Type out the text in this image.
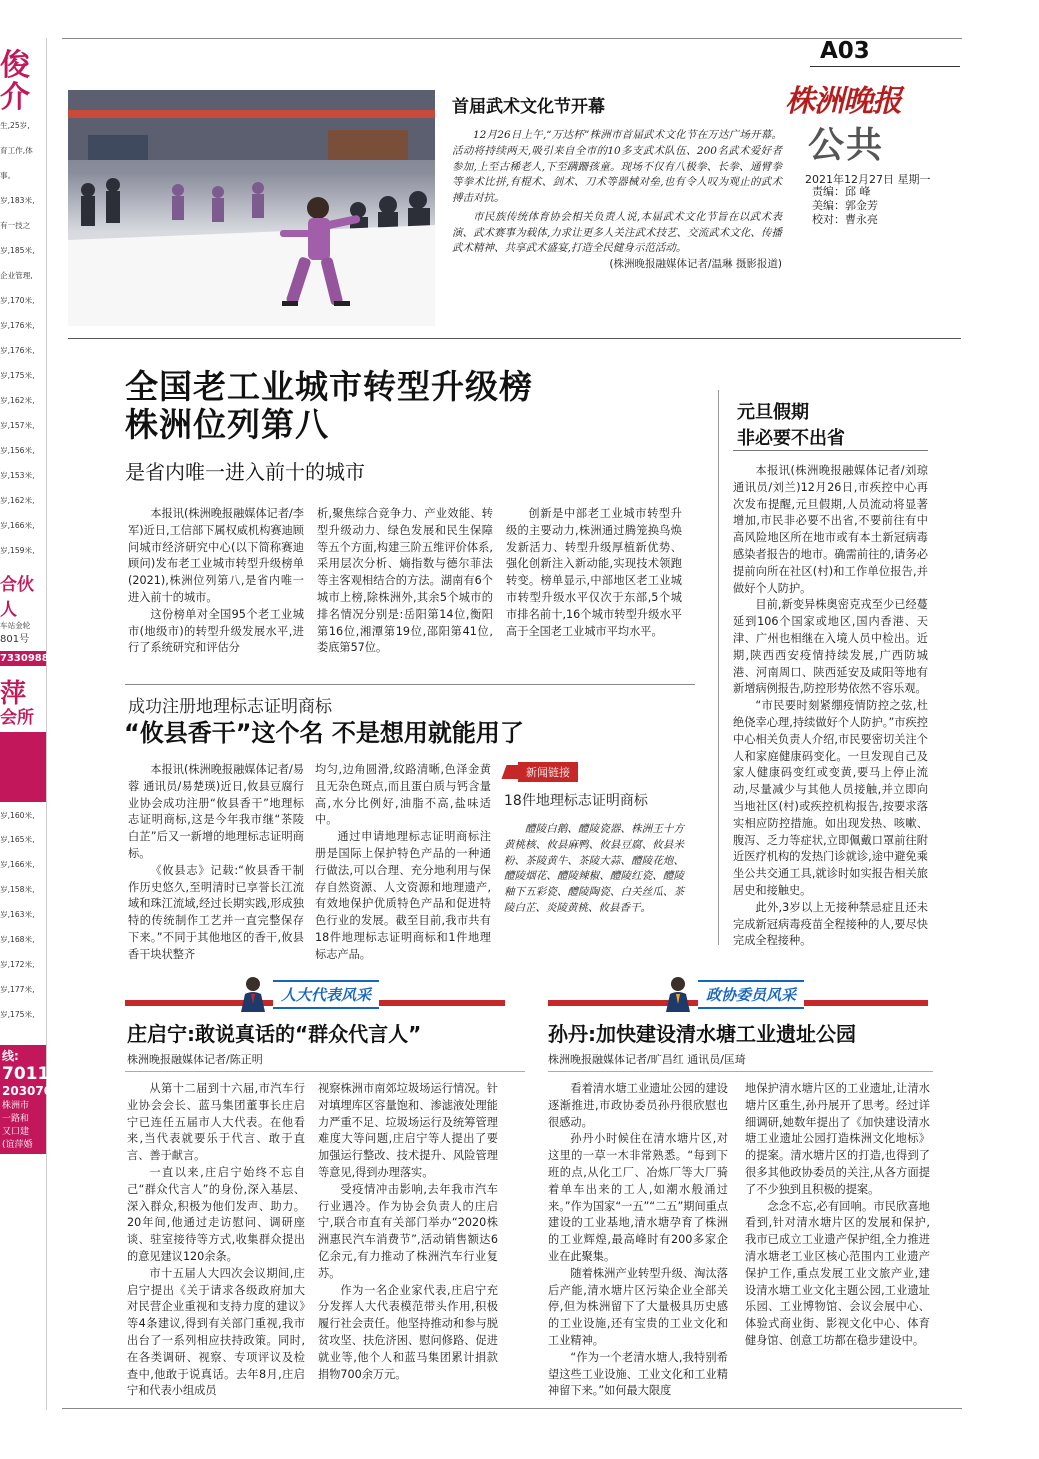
俊
介
生,25岁,
育工作,体
事。
岁,183米,
有一技之
岁,185米,
企业管理,
岁,170米,
岁,176米,
岁,176米,
岁,175米,
岁,162米,
岁,157米,
岁,156米,
岁,153米,
岁,162米,
岁,166米,
岁,159米,
合伙人
车站金轮
801号
73309882
萍
会所
岁,160米,
岁,165米,
岁,166米,
岁,158米,
岁,163米,
岁,168米,
岁,172米,
岁,177米,
岁,175米,
线:
7011
203070
株洲市
一路和
又口建
(谊萍婚
A03
株洲晚报
公共
2021年12月27日 星期一
责编：邱 峰
美编：郭金芳
校对：曹永亮
首届武术文化节开幕

12月26日上午,“万达杯”株洲市首届武术文化节在万达广场开幕。活动将持续两天,吸引来自全市的10多支武术队伍、200名武术爱好者参加,上至古稀老人,下至蹒跚孩童。现场不仅有八极拳、长拳、通臂拳等拳术比拼,有棍术、剑术、刀术等器械对垒,也有令人叹为观止的武术搏击对抗。

市民族传统体育协会相关负责人说,本届武术文化节旨在以武术表演、武术赛事为载体,力求让更多人关注武术技艺、交流武术文化、传播武术精神、共享武术盛宴,打造全民健身示范活动。

(株洲晚报融媒体记者/温琳 摄影报道)

全国老工业城市转型升级榜
株洲位列第八
是省内唯一进入前十的城市

本报讯(株洲晚报融媒体记者/李军)近日,工信部下属权威机构赛迪顾问城市经济研究中心(以下简称赛迪顾问)发布老工业城市转型升级榜单(2021),株洲位列第八,是省内唯一进入前十的城市。

这份榜单对全国95个老工业城市(地级市)的转型升级发展水平,进行了系统研究和评估分

析,聚焦综合竞争力、产业效能、转型升级动力、绿色发展和民生保障等五个方面,构建三阶五维评价体系,采用层次分析、熵指数与德尔菲法等主客观相结合的方法。湖南有6个城市上榜,除株洲外,其余5个城市的排名情况分别是:岳阳第14位,衡阳第16位,湘潭第19位,邵阳第41位,娄底第57位。

创新是中部老工业城市转型升级的主要动力,株洲通过腾笼换鸟焕发新活力、转型升级厚植新优势、强化创新注入新动能,实现技术领跑转变。榜单显示,中部地区老工业城市转型升级水平仅次于东部,5个城市排名前十,16个城市转型升级水平高于全国老工业城市平均水平。

成功注册地理标志证明商标
“攸县香干”这个名 不是想用就能用了

本报讯(株洲晚报融媒体记者/易蓉 通讯员/易楚瑛)近日,攸县豆腐行业协会成功注册“攸县香干”地理标志证明商标,这是今年我市继“茶陵白芷”后又一新增的地理标志证明商标。

《攸县志》记载:“攸县香干制作历史悠久,至明清时已享誉长江流域和珠江流域,经过长期实践,形成独特的传统制作工艺并一直完整保存下来。”不同于其他地区的香干,攸县香干块状整齐

均匀,边角圆滑,纹路清晰,色泽金黄且无杂色斑点,而且蛋白质与钙含量高,水分比例好,油脂不高,盐味适中。

通过申请地理标志证明商标注册是国际上保护特色产品的一种通行做法,可以合理、充分地利用与保存自然资源、人文资源和地理遗产,有效地保护优质特色产品和促进特色行业的发展。截至目前,我市共有18件地理标志证明商标和1件地理标志产品。

新闻链接
18件地理标志证明商标

醴陵白鹅、醴陵瓷器、株洲王十方黄桃核、攸县麻鸭、攸县豆腐、攸县米粉、茶陵黄牛、茶陵大蒜、醴陵花炮、醴陵烟花、醴陵辣椒、醴陵红瓷、醴陵釉下五彩瓷、醴陵陶瓷、白关丝瓜、茶陵白芷、炎陵黄桃、攸县香干。

元旦假期
非必要不出省

本报讯(株洲晚报融媒体记者/刘琼 通讯员/刘兰)12月26日,市疾控中心再次发布提醒,元旦假期,人员流动将显著增加,市民非必要不出省,不要前往有中高风险地区所在地市或有本土新冠病毒感染者报告的地市。确需前往的,请务必提前向所在社区(村)和工作单位报告,并做好个人防护。

目前,新变异株奥密克戎至少已经蔓延到106个国家或地区,国内香港、天津、广州也相继在入境人员中检出。近期,陕西西安疫情持续发展,广西防城港、河南周口、陕西延安及咸阳等地有新增病例报告,防控形势依然不容乐观。

“市民要时刻紧绷疫情防控之弦,杜绝侥幸心理,持续做好个人防护。”市疾控中心相关负责人介绍,市民要密切关注个人和家庭健康码变化。一旦发现自己及家人健康码变红或变黄,要马上停止流动,尽量减少与其他人员接触,并立即向当地社区(村)或疾控机构报告,按要求落实相应防控措施。如出现发热、咳嗽、腹泻、乏力等症状,立即佩戴口罩前往附近医疗机构的发热门诊就诊,途中避免乘坐公共交通工具,就诊时如实报告相关旅居史和接触史。

此外,3岁以上无接种禁忌症且还未完成新冠病毒疫苗全程接种的人,要尽快完成全程接种。

人大代表风采	政协委员风采
庄启宁:敢说真话的“群众代言人”
株洲晚报融媒体记者/陈正明

从第十二届到十六届,市汽车行业协会会长、蓝马集团董事长庄启宁已连任五届市人大代表。在他看来,当代表就要乐于代言、敢于直言、善于献言。

一直以来,庄启宁始终不忘自己“群众代言人”的身份,深入基层、深入群众,积极为他们发声、助力。20年间,他通过走访慰问、调研座谈、驻室接待等方式,收集群众提出的意见建议120余条。

市十五届人大四次会议期间,庄启宁提出《关于请求各级政府加大对民营企业重视和支持力度的建议》等4条建议,得到有关部门重视,我市出台了一系列相应扶持政策。同时,在各类调研、视察、专项评议及检查中,他敢于说真话。去年8月,庄启宁和代表小组成员

视察株洲市南郊垃圾场运行情况。针对填埋库区容量饱和、渗滤液处理能力严重不足、垃圾场运行及统筹管理难度大等问题,庄启宁等人提出了要加强运行整改、技术提升、风险管理等意见,得到办理落实。

受疫情冲击影响,去年我市汽车行业遇冷。作为协会负责人的庄启宁,联合市直有关部门举办“2020株洲惠民汽车消费节”,活动销售额达6亿余元,有力推动了株洲汽车行业复苏。

作为一名企业家代表,庄启宁充分发挥人大代表模范带头作用,积极履行社会责任。他坚持推动和参与脱贫攻坚、扶危济困、慰问修路、促进就业等,他个人和蓝马集团累计捐款捐物700余万元。

孙丹:加快建设清水塘工业遗址公园
株洲晚报融媒体记者/旷昌红 通讯员/匡琦

看着清水塘工业遗址公园的建设逐渐推进,市政协委员孙丹很欣慰也很感动。

孙丹小时候住在清水塘片区,对这里的一草一木非常熟悉。“每到下班的点,从化工厂、冶炼厂等大厂骑着单车出来的工人,如潮水般涌过来。”作为国家“一五”“二五”期间重点建设的工业基地,清水塘孕育了株洲的工业辉煌,最高峰时有200多家企业在此聚集。

随着株洲产业转型升级、淘汰落后产能,清水塘片区污染企业全部关停,但为株洲留下了大量极具历史感的工业设施,还有宝贵的工业文化和工业精神。

“作为一个老清水塘人,我特别希望这些工业设施、工业文化和工业精神留下来。”如何最大限度

地保护清水塘片区的工业遗址,让清水塘片区重生,孙丹展开了思考。经过详细调研,她数年提出了《加快建设清水塘工业遗址公园打造株洲文化地标》的提案。清水塘片区的打造,也得到了很多其他政协委员的关注,从各方面提了不少独到且积极的提案。

念念不忘,必有回响。市民欣喜地看到,针对清水塘片区的发展和保护,我市已成立工业遗产保护组,全力推进清水塘老工业区核心范围内工业遗产保护工作,重点发展工业文旅产业,建设清水塘工业文化主题公园,工业遗址乐园、工业博物馆、会议会展中心、体验式商业街、影视文化中心、体育健身馆、创意工坊都在稳步建设中。
